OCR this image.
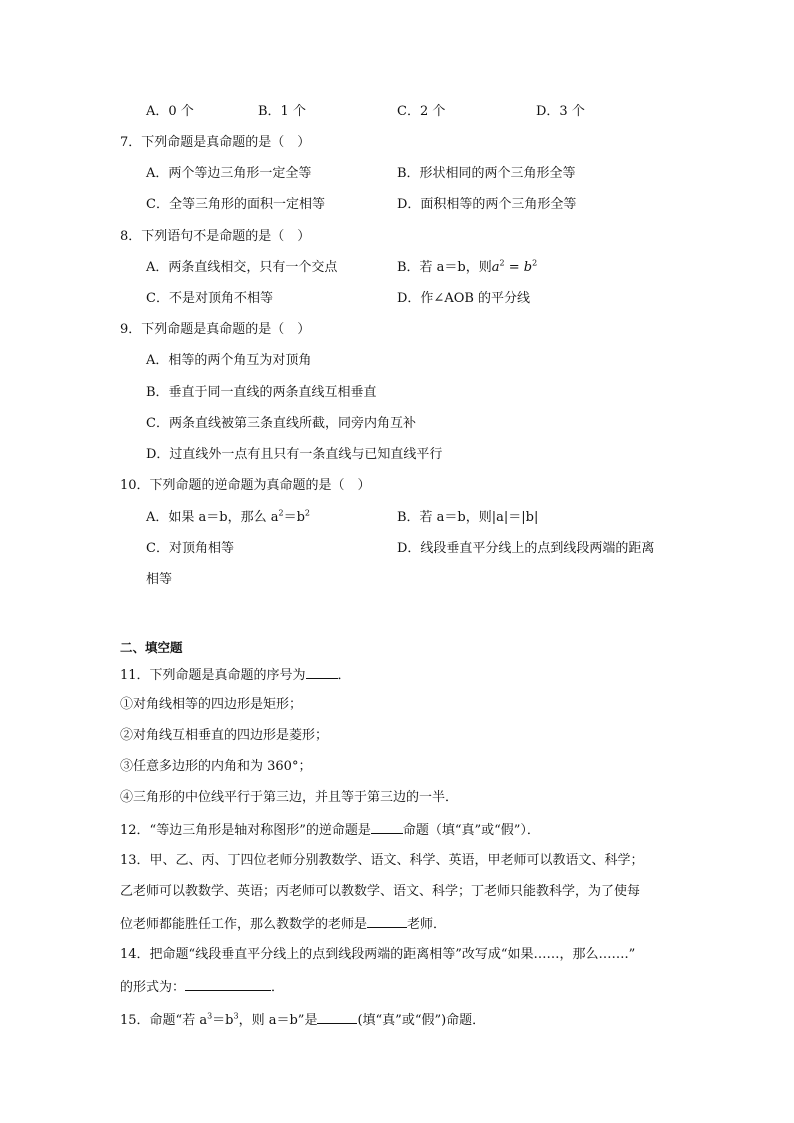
A．0 个	B．1 个	C．2 个	D．3 个
7．下列命题是真命题的是（　）
A．两个等边三角形一定全等	B．形状相同的两个三角形全等
C．全等三角形的面积一定相等	D．面积相等的两个三角形全等
8．下列语句不是命题的是（　）
A．两条直线相交，只有一个交点	B．若 a＝b，则$a^2 = b^2$
C．不是对顶角不相等	D．作∠AOB 的平分线
9．下列命题是真命题的是（　）
A．相等的两个角互为对顶角
B．垂直于同一直线的两条直线互相垂直
C．两条直线被第三条直线所截，同旁内角互补
D．过直线外一点有且只有一条直线与已知直线平行
10．下列命题的逆命题为真命题的是（　）
A．如果 a＝b，那么 $a^2=b^2$	B．若 a＝b，则|a|＝|b|
C．对顶角相等	D．线段垂直平分线上的点到线段两端的距离
相等
二、填空题
11．下列命题是真命题的序号为 ．
①对角线相等的四边形是矩形；
②对角线互相垂直的四边形是菱形；
③任意多边形的内角和为 360°；
④三角形的中位线平行于第三边，并且等于第三边的一半．
12．“等边三角形是轴对称图形”的逆命题是 命题（填“真”或“假”）．
13．甲、乙、丙、丁四位老师分别教数学、语文、科学、英语，甲老师可以教语文、科学；
乙老师可以教数学、英语；丙老师可以教数学、语文、科学；丁老师只能教科学，为了使每
位老师都能胜任工作，那么教数学的老师是	老师．
14．把命题“线段垂直平分线上的点到线段两端的距离相等”改写成“如果……，那么…….”
的形式为：	．
15．命题“若 $a^3=b^3$，则 a＝b”是	(填“真”或“假”)命题．
